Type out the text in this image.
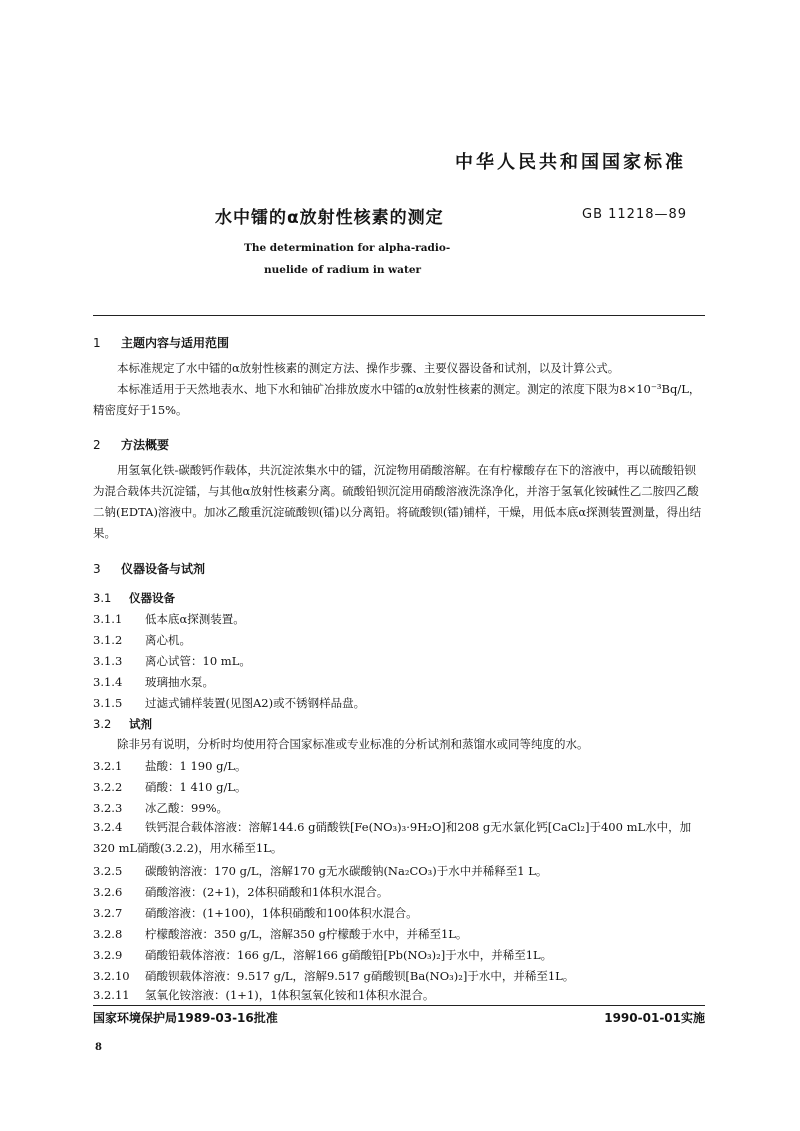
中华人民共和国国家标准
水中镭的α放射性核素的测定	GB 11218—89
The determination for alpha-radio-
nuelide of radium in water
1 主题内容与适用范围

本标准规定了水中镭的α放射性核素的测定方法、操作步骤、主要仪器设备和试剂，以及计算公式。

本标准适用于天然地表水、地下水和铀矿冶排放废水中镭的α放射性核素的测定。测定的浓度下限为8×10⁻³Bq/L，精密度好于15%。

2 方法概要

用氢氧化铁-碳酸钙作载体，共沉淀浓集水中的镭，沉淀物用硝酸溶解。在有柠檬酸存在下的溶液中，再以硫酸铅钡为混合载体共沉淀镭，与其他α放射性核素分离。硫酸铅钡沉淀用硝酸溶液洗涤净化，并溶于氢氧化铵碱性乙二胺四乙酸二钠(EDTA)溶液中。加冰乙酸重沉淀硫酸钡(镭)以分离铅。将硫酸钡(镭)铺样，干燥，用低本底α探测装置测量，得出结果。

3 仪器设备与试剂
3.1 仪器设备
3.1.1 低本底α探测装置。
3.1.2 离心机。
3.1.3 离心试管：10 mL。
3.1.4 玻璃抽水泵。
3.1.5 过滤式铺样装置(见图A2)或不锈钢样品盘。
3.2 试剂

除非另有说明，分析时均使用符合国家标准或专业标准的分析试剂和蒸馏水或同等纯度的水。

3.2.1 盐酸：1 190 g/L。
3.2.2 硝酸：1 410 g/L。
3.2.3 冰乙酸：99%。
3.2.4 铁钙混合载体溶液：溶解144.6 g硝酸铁[Fe(NO₃)₃·9H₂O]和208 g无水氯化钙[CaCl₂]于400 mL水中，加320 mL硝酸(3.2.2)，用水稀至1L。
3.2.5 碳酸钠溶液：170 g/L，溶解170 g无水碳酸钠(Na₂CO₃)于水中并稀释至1 L。
3.2.6 硝酸溶液：(2+1)，2体积硝酸和1体积水混合。
3.2.7 硝酸溶液：(1+100)，1体积硝酸和100体积水混合。
3.2.8 柠檬酸溶液：350 g/L，溶解350 g柠檬酸于水中，并稀至1L。
3.2.9 硝酸铅载体溶液：166 g/L，溶解166 g硝酸铅[Pb(NO₃)₂]于水中，并稀至1L。
3.2.10 硝酸钡载体溶液：9.517 g/L，溶解9.517 g硝酸钡[Ba(NO₃)₂]于水中，并稀至1L。
3.2.11 氢氧化铵溶液：(1+1)，1体积氢氧化铵和1体积水混合。
国家环境保护局1989-03-16批准	1990-01-01实施
8
